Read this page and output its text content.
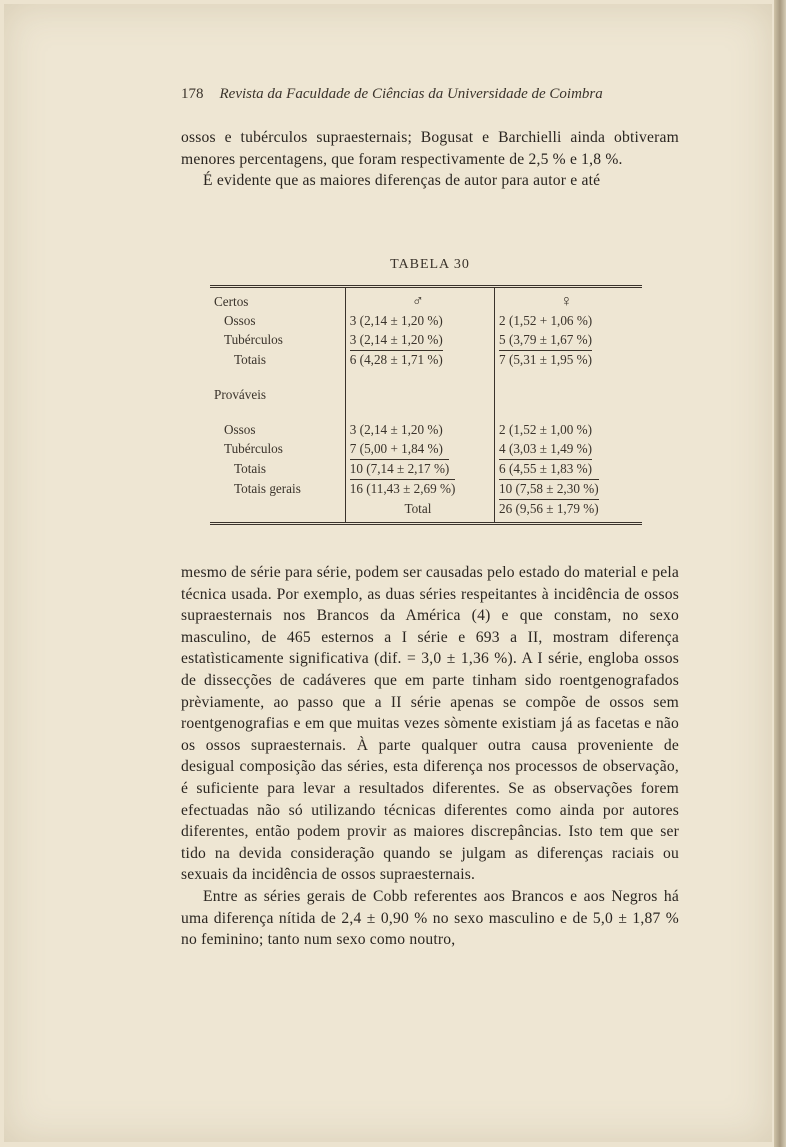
178 Revista da Faculdade de Ciências da Universidade de Coimbra

ossos e tubérculos supraesternais; Bogusat e Barchielli ainda obtiveram menores percentagens, que foram respectivamente de 2,5 % e 1,8 %.

É evidente que as maiores diferenças de autor para autor e até

TABELA 30

Certos	♂	♀
Ossos	3 (2,14 ± 1,20 %)	2 (1,52 + 1,06 %)
Tubérculos	3 (2,14 ± 1,20 %)	5 (3,79 ± 1,67 %)
Totais	6 (4,28 ± 1,71 %)	7 (5,31 ± 1,95 %)

Prováveis		

Ossos	3 (2,14 ± 1,20 %)	2 (1,52 ± 1,00 %)
Tubérculos	7 (5,00 + 1,84 %)	4 (3,03 ± 1,49 %)
Totais	10 (7,14 ± 2,17 %)	6 (4,55 ± 1,83 %)
Totais gerais	16 (11,43 ± 2,69 %)	10 (7,58 ± 2,30 %)
	Total	26 (9,56 ± 1,79 %)

mesmo de série para série, podem ser causadas pelo estado do material e pela técnica usada. Por exemplo, as duas séries respeitantes à incidência de ossos supraesternais nos Brancos da América (4) e que constam, no sexo masculino, de 465 esternos a I série e 693 a II, mostram diferença estatìsticamente significativa (dif. = 3,0 ± 1,36 %). A I série, engloba ossos de dissecções de cadáveres que em parte tinham sido roentgenografados prèviamente, ao passo que a II série apenas se compõe de ossos sem roentgenografias e em que muitas vezes sòmente existiam já as facetas e não os ossos supraesternais. À parte qualquer outra causa proveniente de desigual composição das séries, esta diferença nos processos de observação, é suficiente para levar a resultados diferentes. Se as observações forem efectuadas não só utilizando técnicas diferentes como ainda por autores diferentes, então podem provir as maiores discrepâncias. Isto tem que ser tido na devida consideração quando se julgam as diferenças raciais ou sexuais da incidência de ossos supraesternais.

Entre as séries gerais de Cobb referentes aos Brancos e aos Negros há uma diferença nítida de 2,4 ± 0,90 % no sexo masculino e de 5,0 ± 1,87 % no feminino; tanto num sexo como noutro,
